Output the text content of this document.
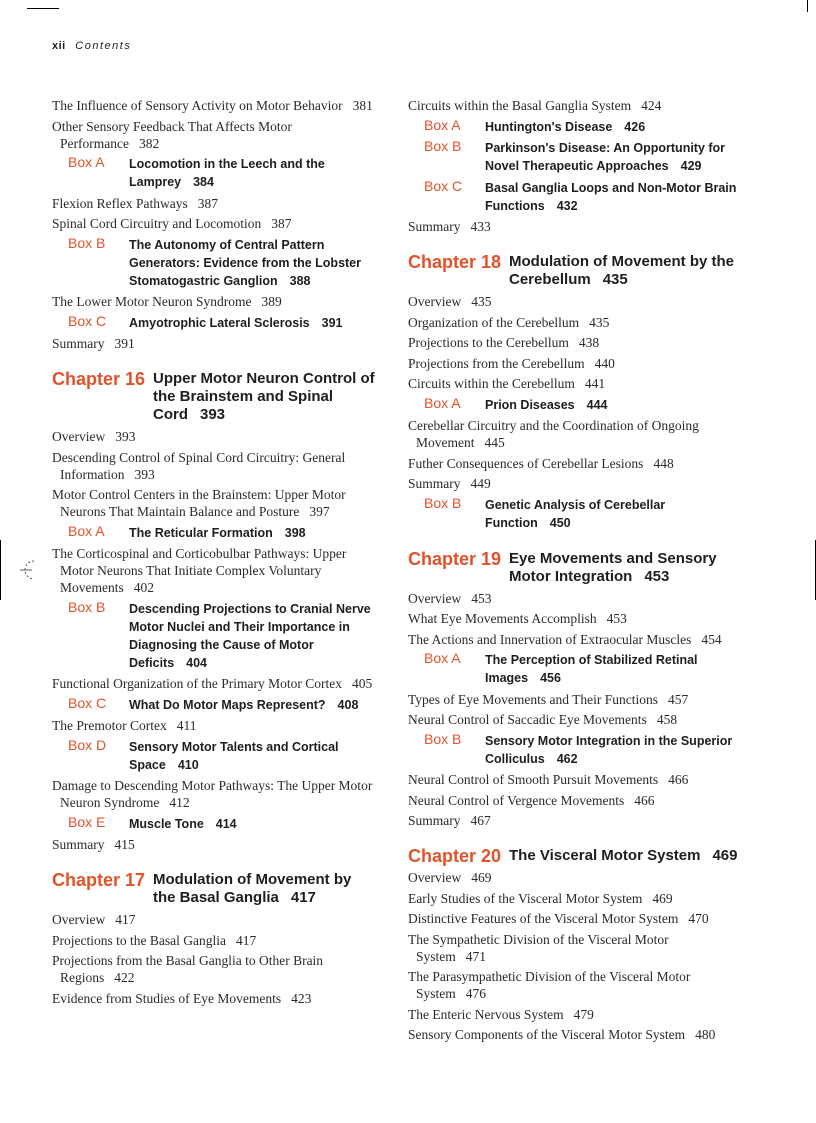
xii Contents
The Influence of Sensory Activity on Motor Behavior 381
Other Sensory Feedback That Affects Motor Performance 382
Box A Locomotion in the Leech and the Lamprey 384
Flexion Reflex Pathways 387
Spinal Cord Circuitry and Locomotion 387
Box B The Autonomy of Central Pattern Generators: Evidence from the Lobster Stomatogastric Ganglion 388
The Lower Motor Neuron Syndrome 389
Box C Amyotrophic Lateral Sclerosis 391
Summary 391
Chapter 16 Upper Motor Neuron Control of the Brainstem and Spinal Cord 393
Overview 393
Descending Control of Spinal Cord Circuitry: General Information 393
Motor Control Centers in the Brainstem: Upper Motor Neurons That Maintain Balance and Posture 397
Box A The Reticular Formation 398
The Corticospinal and Corticobulbar Pathways: Upper Motor Neurons That Initiate Complex Voluntary Movements 402
Box B Descending Projections to Cranial Nerve Motor Nuclei and Their Importance in Diagnosing the Cause of Motor Deficits 404
Functional Organization of the Primary Motor Cortex 405
Box C What Do Motor Maps Represent? 408
The Premotor Cortex 411
Box D Sensory Motor Talents and Cortical Space 410
Damage to Descending Motor Pathways: The Upper Motor Neuron Syndrome 412
Box E Muscle Tone 414
Summary 415
Chapter 17 Modulation of Movement by the Basal Ganglia 417
Overview 417
Projections to the Basal Ganglia 417
Projections from the Basal Ganglia to Other Brain Regions 422
Evidence from Studies of Eye Movements 423
Circuits within the Basal Ganglia System 424
Box A Huntington's Disease 426
Box B Parkinson's Disease: An Opportunity for Novel Therapeutic Approaches 429
Box C Basal Ganglia Loops and Non-Motor Brain Functions 432
Summary 433
Chapter 18 Modulation of Movement by the Cerebellum 435
Overview 435
Organization of the Cerebellum 435
Projections to the Cerebellum 438
Projections from the Cerebellum 440
Circuits within the Cerebellum 441
Box A Prion Diseases 444
Cerebellar Circuitry and the Coordination of Ongoing Movement 445
Futher Consequences of Cerebellar Lesions 448
Summary 449
Box B Genetic Analysis of Cerebellar Function 450
Chapter 19 Eye Movements and Sensory Motor Integration 453
Overview 453
What Eye Movements Accomplish 453
The Actions and Innervation of Extraocular Muscles 454
Box A The Perception of Stabilized Retinal Images 456
Types of Eye Movements and Their Functions 457
Neural Control of Saccadic Eye Movements 458
Box B Sensory Motor Integration in the Superior Colliculus 462
Neural Control of Smooth Pursuit Movements 466
Neural Control of Vergence Movements 466
Summary 467
Chapter 20 The Visceral Motor System 469
Overview 469
Early Studies of the Visceral Motor System 469
Distinctive Features of the Visceral Motor System 470
The Sympathetic Division of the Visceral Motor System 471
The Parasympathetic Division of the Visceral Motor System 476
The Enteric Nervous System 479
Sensory Components of the Visceral Motor System 480
